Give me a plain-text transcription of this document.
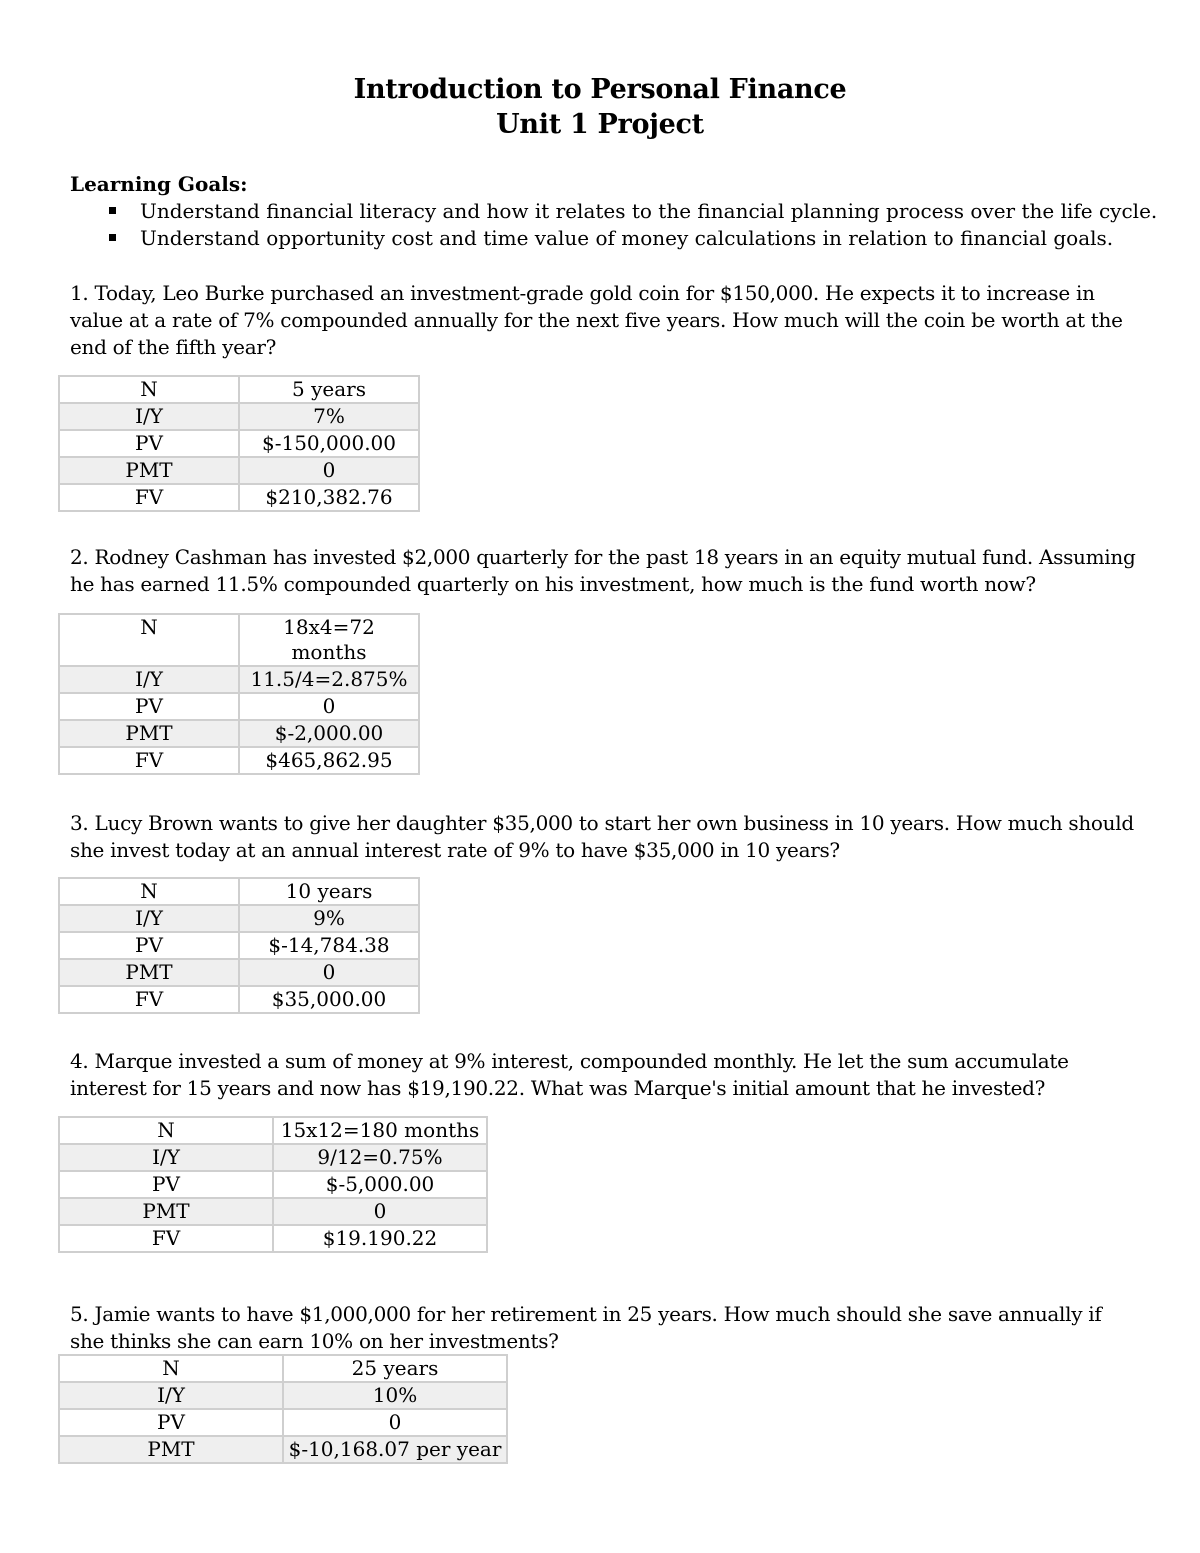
Introduction to Personal Finance
Unit 1 Project
Learning Goals:
Understand financial literacy and how it relates to the financial planning process over the life cycle.
Understand opportunity cost and time value of money calculations in relation to financial goals.
1. Today, Leo Burke purchased an investment-grade gold coin for $150,000. He expects it to increase in value at a rate of 7% compounded annually for the next five years. How much will the coin be worth at the end of the fifth year?
N	5 years
I/Y	7%
PV	$-150,000.00
PMT	0
FV	$210,382.76
2. Rodney Cashman has invested $2,000 quarterly for the past 18 years in an equity mutual fund. Assuming he has earned 11.5% compounded quarterly on his investment, how much is the fund worth now?
N	18x4=72 months
I/Y	11.5/4=2.875%
PV	0
PMT	$-2,000.00
FV	$465,862.95
3. Lucy Brown wants to give her daughter $35,000 to start her own business in 10 years. How much should she invest today at an annual interest rate of 9% to have $35,000 in 10 years?
N	10 years
I/Y	9%
PV	$-14,784.38
PMT	0
FV	$35,000.00
4. Marque invested a sum of money at 9% interest, compounded monthly. He let the sum accumulate interest for 15 years and now has $19,190.22. What was Marque's initial amount that he invested?
N	15x12=180 months
I/Y	9/12=0.75%
PV	$-5,000.00
PMT	0
FV	$19.190.22
5. Jamie wants to have $1,000,000 for her retirement in 25 years. How much should she save annually if she thinks she can earn 10% on her investments?
N	25 years
I/Y	10%
PV	0
PMT	$-10,168.07 per year
